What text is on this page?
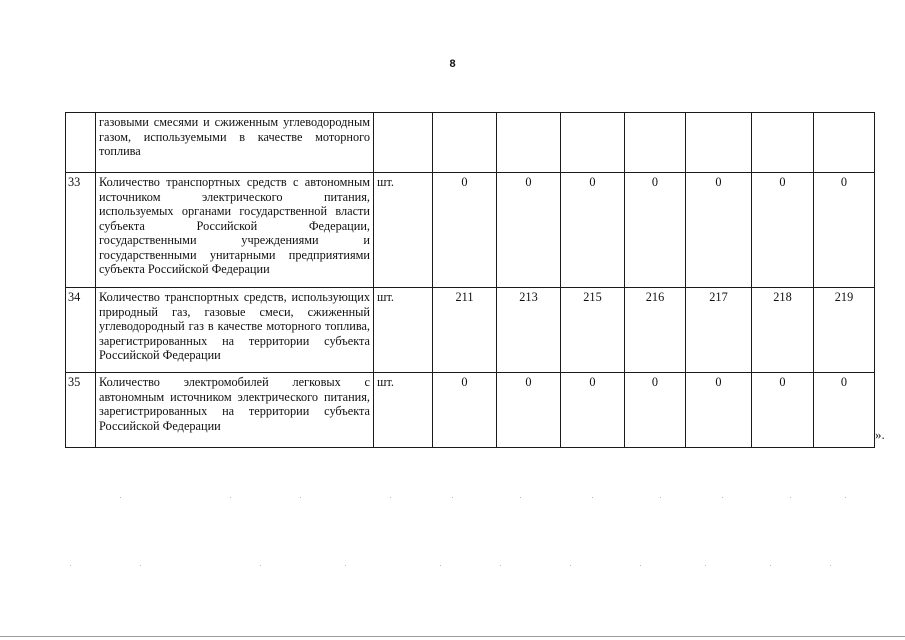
8
	газовыми смесями и сжиженным углеводородным газом, используемыми в качестве моторного топлива								
33	Количество транспортных средств с автономным источником электрического питания, используемых органами государственной власти субъекта Российской Федерации, государственными учреждениями и государственными унитарными предприятиями субъекта Российской Федерации	шт.	0	0	0	0	0	0	0
34	Количество транспортных средств, использующих природный газ, газовые смеси, сжиженный углеводородный газ в качестве моторного топлива, зарегистрированных на территории субъекта Российской Федерации	шт.	211	213	215	216	217	218	219
35	Количество электромобилей легковых с автономным источником электрического питания, зарегистрированных на территории субъекта Российской Федерации	шт.	0	0	0	0	0	0	0
».
